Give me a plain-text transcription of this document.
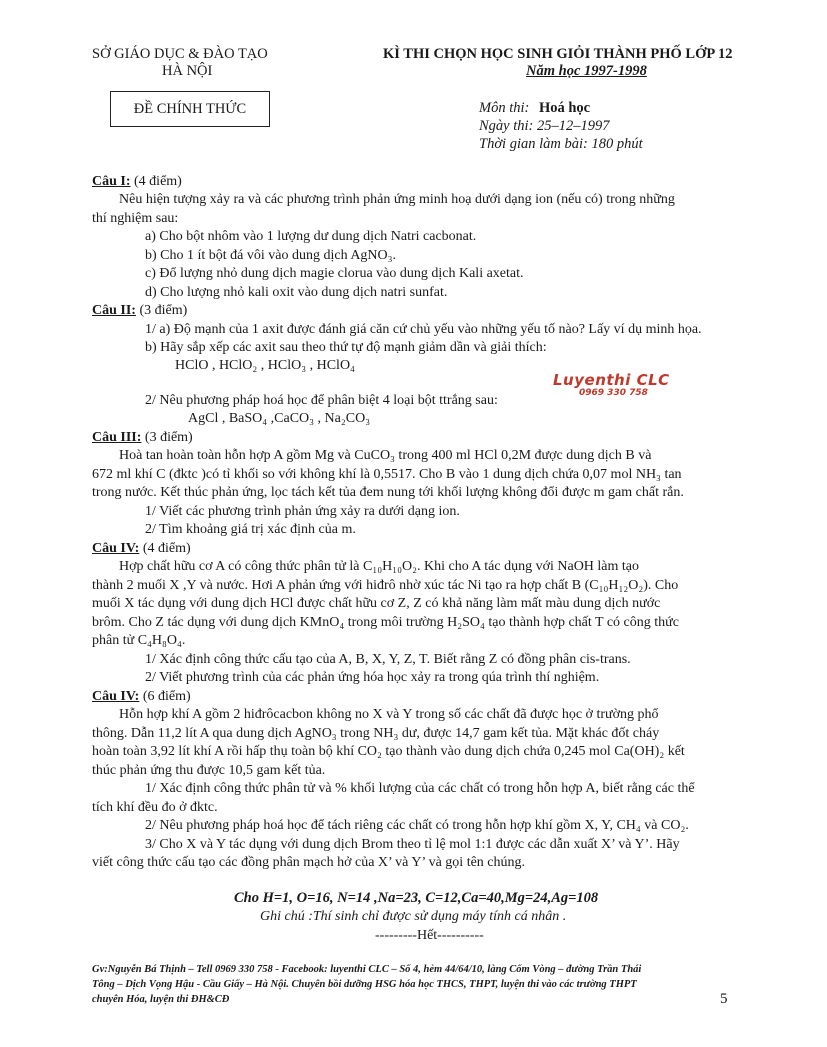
SỞ GIÁO DỤC & ĐÀO TẠO
HÀ NỘI
KÌ THI CHỌN HỌC SINH GIỎI THÀNH PHỐ LỚP 12
Năm học 1997-1998
ĐỀ CHÍNH THỨC	Môn thi: Hoá học
Ngày thi: 25–12–1997
Thời gian làm bài: 180 phút
Câu I: (4 điểm)
Nêu hiện tượng xảy ra và các phương trình phản ứng minh hoạ dưới dạng ion (nếu có) trong những
thí nghiệm sau:
a) Cho bột nhôm vào 1 lượng dư dung dịch Natri cacbonat.
b) Cho 1 ít bột đá vôi vào dung dịch AgNO₃.
c) Đổ lượng nhỏ dung dịch magie clorua vào dung dịch Kali axetat.
d) Cho lượng nhỏ kali oxit vào dung dịch natri sunfat.
Câu II: (3 điểm)
1/ a) Độ mạnh của 1 axit được đánh giá căn cứ chủ yếu vào những yếu tố nào? Lấy ví dụ minh họa.
b) Hãy sắp xếp các axit sau theo thứ tự độ mạnh giảm dần và giải thích:
HClO , HClO₂ , HClO₃ , HClO₄
2/ Nêu phương pháp hoá học để phân biệt 4 loại bột ttrắng sau:
AgCl , BaSO₄ ,CaCO₃ , Na₂CO₃
Luyenthi CLC
0969 330 758
Câu III: (3 điểm)
Hoà tan hoàn toàn hỗn hợp A gồm Mg và CuCO₃ trong 400 ml HCl 0,2M được dung dịch B và
672 ml khí C (đktc )có tỉ khối so với không khí là 0,5517. Cho B vào 1 dung dịch chứa 0,07 mol NH₃ tan
trong nước. Kết thúc phản ứng, lọc tách kết tủa đem nung tới khối lượng không đổi được m gam chất rắn.
1/ Viết các phương trình phản ứng xảy ra dưới dạng ion.
2/ Tìm khoảng giá trị xác định của m.
Câu IV: (4 điểm)
Hợp chất hữu cơ A có công thức phân tử là C₁₀H₁₀O₂. Khi cho A tác dụng với NaOH làm tạo
thành 2 muối X ,Y và nước. Hơi A phản ứng với hiđrô nhờ xúc tác Ni tạo ra hợp chất B (C₁₀H₁₂O₂). Cho
muối X tác dụng với dung dịch HCl được chất hữu cơ Z, Z có khả năng làm mất màu dung dịch nước
brôm. Cho Z tác dụng với dung dịch KMnO₄ trong môi trường H₂SO₄ tạo thành hợp chất T có công thức
phân tử C₄H₈O₄.
1/ Xác định công thức cấu tạo của A, B, X, Y, Z, T. Biết rằng Z có đồng phân cis-trans.
2/ Viết phương trình của các phản ứng hóa học xảy ra trong qúa trình thí nghiệm.
Câu IV: (6 điểm)
Hỗn hợp khí A gồm 2 hiđrôcacbon không no X và Y trong số các chất đã được học ở trường phổ
thông. Dẫn 11,2 lít A qua dung dịch AgNO₃ trong NH₃ dư, được 14,7 gam kết tủa. Mặt khác đốt cháy
hoàn toàn 3,92 lít khí A rồi hấp thụ toàn bộ khí CO₂ tạo thành vào dung dịch chứa 0,245 mol Ca(OH)₂ kết
thúc phản ứng thu được 10,5 gam kết tủa.
1/ Xác định công thức phân tử và % khối lượng của các chất có trong hỗn hợp A, biết rằng các thể
tích khí đều đo ở đktc.
2/ Nêu phương pháp hoá học để tách riêng các chất có trong hỗn hợp khí gồm X, Y, CH₄ và CO₂.
3/ Cho X và Y tác dụng với dung dịch Brom theo tỉ lệ mol 1:1 được các dẫn xuất X’ và Y’. Hãy
viết công thức cấu tạo các đồng phân mạch hở của X’ và Y’ và gọi tên chúng.
Cho H=1, O=16, N=14 ,Na=23, C=12,Ca=40,Mg=24,Ag=108
Ghi chú :Thí sinh chỉ được sử dụng máy tính cá nhân .
---------Hết----------
Gv:Nguyễn Bá Thịnh – Tell 0969 330 758 - Facebook: luyenthi CLC – Số 4, hẻm 44/64/10, làng Cốm Vòng – đường Trần Thái
Tông – Dịch Vọng Hậu - Cầu Giấy – Hà Nội. Chuyên bồi dưỡng HSG hóa học THCS, THPT, luyện thi vào các trường THPT
chuyên Hóa, luyện thi ĐH&CĐ	5
